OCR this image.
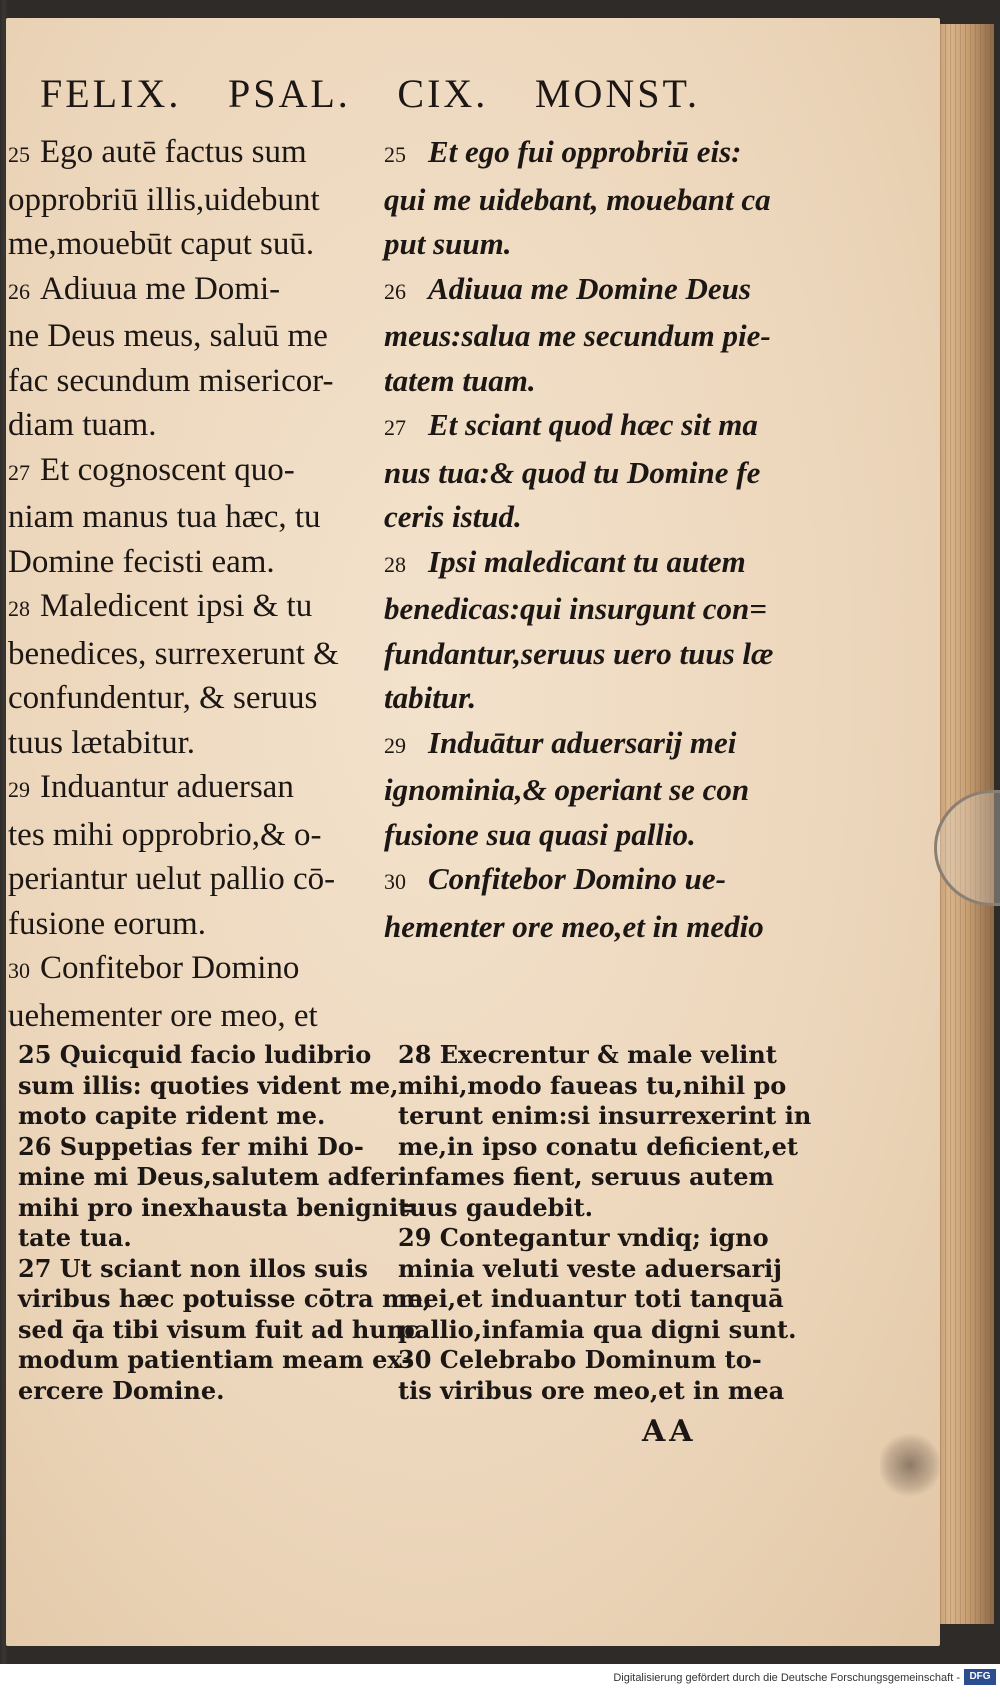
FELIX. PSAL. CIX. MONST.
25 Ego autē factus sum
opprobriū illis,uidebunt
me,mouebūt caput suū.
26 Adiuua me Domi-
ne Deus meus, saluū me
fac secundum misericor-
diam tuam.
27 Et cognoscent quo-
niam manus tua hæc, tu
Domine fecisti eam.
28 Maledicent ipsi & tu
benedices, surrexerunt &
confundentur, & seruus
tuus lætabitur.
29 Induantur aduersan
tes mihi opprobrio,& o-
periantur uelut pallio cō-
fusione eorum.
30 Confitebor Domino
uehementer ore meo, et
25 Et ego fui opprobriū eis:
qui me uidebant, mouebant ca
put suum.
26 Adiuua me Domine Deus
meus:salua me secundum pie-
tatem tuam.
27 Et sciant quod hæc sit ma
nus tua:& quod tu Domine fe
ceris istud.
28 Ipsi maledicant tu autem
benedicas:qui insurgunt con=
fundantur,seruus uero tuus læ
tabitur.
29 Induātur aduersarij mei
ignominia,& operiant se con
fusione sua quasi pallio.
30 Confitebor Domino ue-
hementer ore meo,et in medio
25 Quicquid facio ludibrio
sum illis: quoties vident me,
moto capite rident me.
26 Suppetias fer mihi Do-
mine mi Deus,salutem adfer
mihi pro inexhausta benigni=
tate tua.
27 Ut sciant non illos suis
viribus hæc potuisse cōtra me,
sed q̄a tibi visum fuit ad hunc
modum patientiam meam ex-
ercere Domine.
28 Execrentur & male velint
mihi,modo faueas tu,nihil po
terunt enim:si insurrexerint in
me,in ipso conatu deficient,et
infames fient, seruus autem
tuus gaudebit.
29 Contegantur vndiq; igno
minia veluti veste aduersarij
mei,et induantur toti tanquā
pallio,infamia qua digni sunt.
30 Celebrabo Dominum to-
tis viribus ore meo,et in mea
AA
Digitalisierung gefördert durch die Deutsche Forschungsgemeinschaft - DFG
